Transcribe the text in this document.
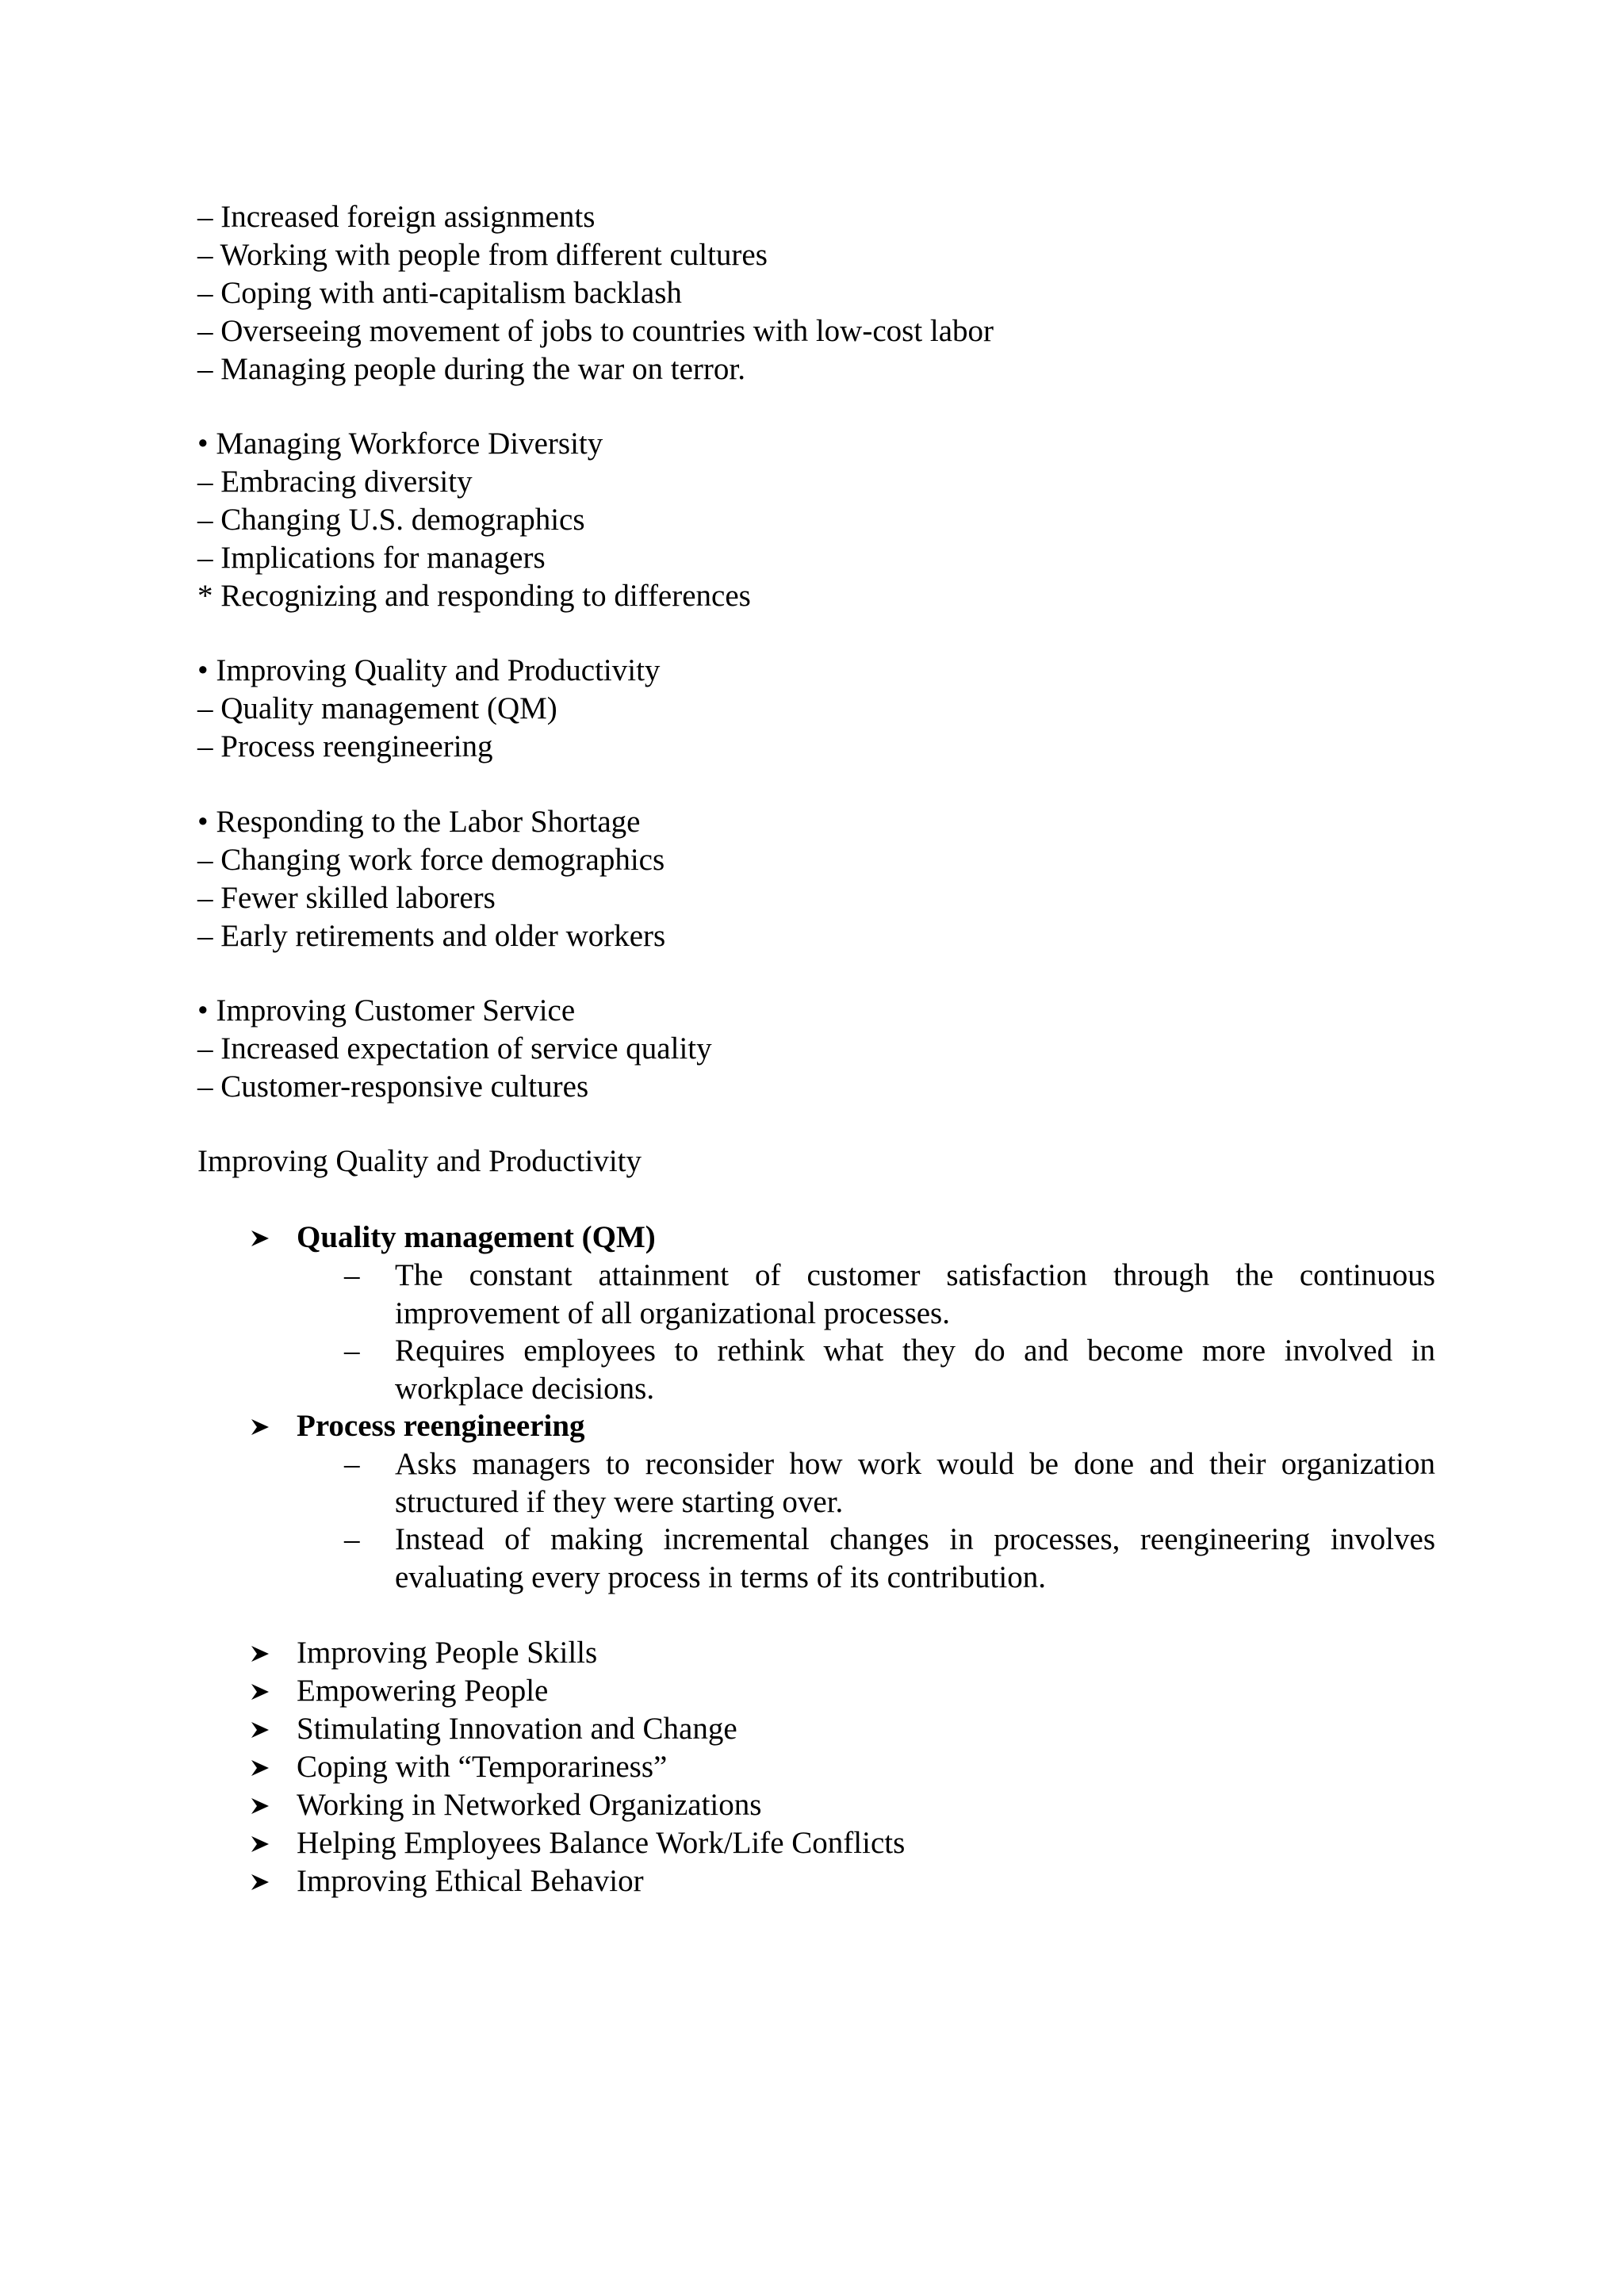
– Increased foreign assignments
– Working with people from different cultures
– Coping with anti-capitalism backlash
– Overseeing movement of jobs to countries with low-cost labor
– Managing people during the war on terror.
• Managing Workforce Diversity
– Embracing diversity
– Changing U.S. demographics
– Implications for managers
* Recognizing and responding to differences
• Improving Quality and Productivity
– Quality management (QM)
– Process reengineering
• Responding to the Labor Shortage
– Changing work force demographics
– Fewer skilled laborers
– Early retirements and older workers
• Improving Customer Service
– Increased expectation of service quality
– Customer-responsive cultures
Improving Quality and Productivity
Quality management (QM)
– The constant attainment of customer satisfaction through the continuous
improvement of all organizational processes.
– Requires employees to rethink what they do and become more involved in
workplace decisions.
Process reengineering
– Asks managers to reconsider how work would be done and their organization
structured if they were starting over.
– Instead of making incremental changes in processes, reengineering involves
evaluating every process in terms of its contribution.
Improving People Skills
Empowering People
Stimulating Innovation and Change
Coping with “Temporariness”
Working in Networked Organizations
Helping Employees Balance Work/Life Conflicts
Improving Ethical Behavior
